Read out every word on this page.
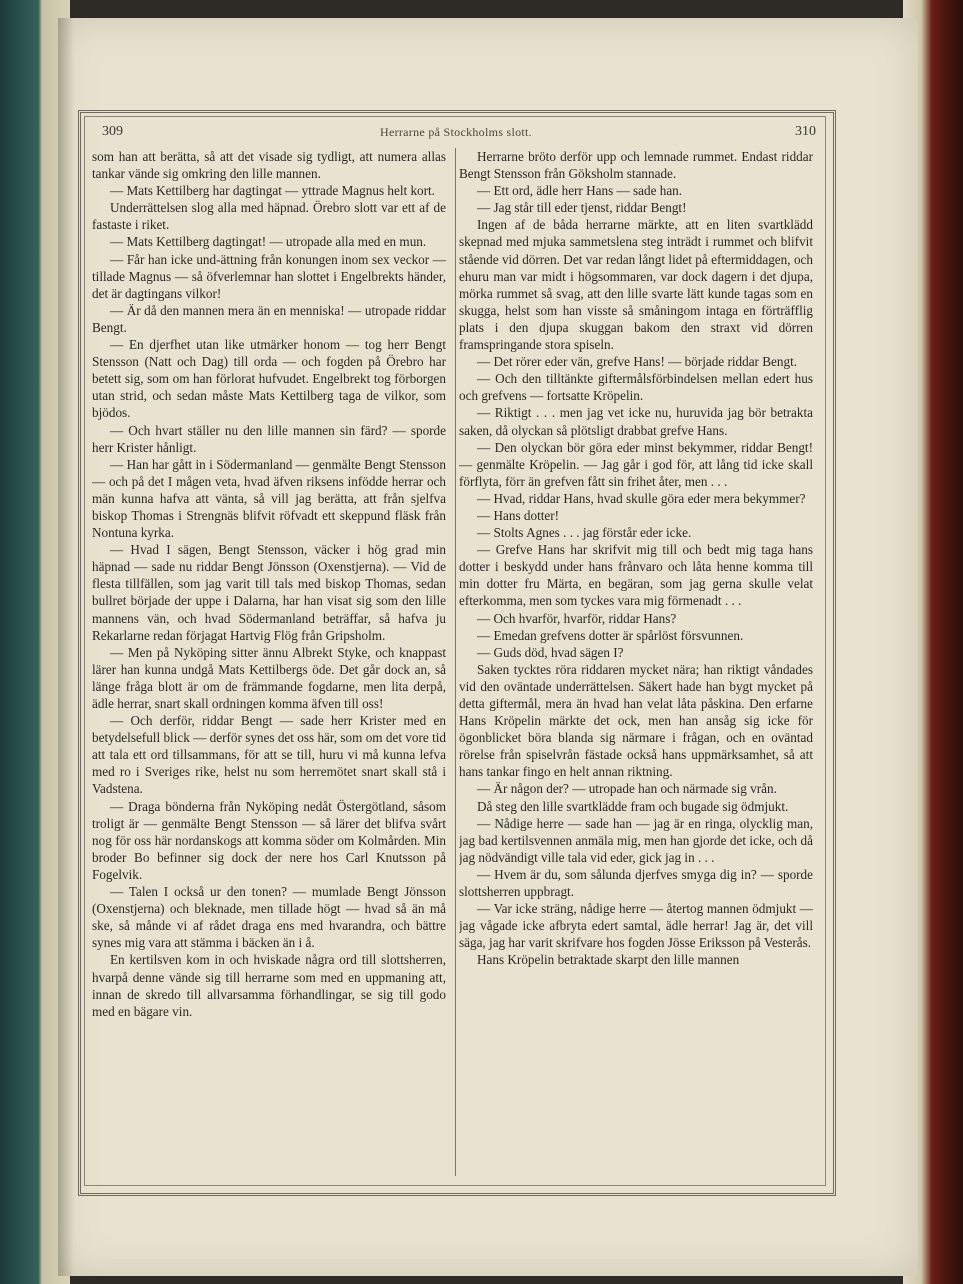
309	Herrarne på Stockholms slott.	310

som han att berätta, så att det visade sig tydligt, att numera allas tankar vände sig omkring den lille mannen.

— Mats Kettilberg har dagtingat — yttrade Magnus helt kort.

Underrättelsen slog alla med häpnad. Örebro slott var ett af de fastaste i riket.

— Mats Kettilberg dagtingat! — utropade alla med en mun.

— Får han icke und-ättning från konungen inom sex veckor — tillade Magnus — så öfverlemnar han slottet i Engelbrekts händer, det är dagtingans vilkor!

— Är då den mannen mera än en menniska! — utropade riddar Bengt.

— En djerfhet utan like utmärker honom — tog herr Bengt Stensson (Natt och Dag) till orda — och fogden på Örebro har betett sig, som om han förlorat hufvudet. Engelbrekt tog förborgen utan strid, och sedan måste Mats Kettilberg taga de vilkor, som bjödos.

— Och hvart ställer nu den lille mannen sin färd? — sporde herr Krister hånligt.

— Han har gått in i Södermanland — genmälte Bengt Stensson — och på det I mågen veta, hvad äfven riksens infödde herrar och män kunna hafva att vänta, så vill jag berätta, att från sjelfva biskop Thomas i Strengnäs blifvit röfvadt ett skeppund fläsk från Nontuna kyrka.

— Hvad I sägen, Bengt Stensson, väcker i hög grad min häpnad — sade nu riddar Bengt Jönsson (Oxenstjerna). — Vid de flesta tillfällen, som jag varit till tals med biskop Thomas, sedan bullret började der uppe i Dalarna, har han visat sig som den lille mannens vän, och hvad Södermanland beträffar, så hafva ju Rekarlarne redan förjagat Hartvig Flög från Gripsholm.

— Men på Nyköping sitter ännu Albrekt Styke, och knappast lärer han kunna undgå Mats Kettilbergs öde. Det går dock an, så länge fråga blott är om de främmande fogdarne, men lita derpå, ädle herrar, snart skall ordningen komma äfven till oss!

— Och derför, riddar Bengt — sade herr Krister med en betydelsefull blick — derför synes det oss här, som om det vore tid att tala ett ord tillsammans, för att se till, huru vi må kunna lefva med ro i Sveriges rike, helst nu som herremötet snart skall stå i Vadstena.

— Draga bönderna från Nyköping nedåt Östergötland, såsom troligt är — genmälte Bengt Stensson — så lärer det blifva svårt nog för oss här nordanskogs att komma söder om Kolmården. Min broder Bo befinner sig dock der nere hos Carl Knutsson på Fogelvik.

— Talen I också ur den tonen? — mumlade Bengt Jönsson (Oxenstjerna) och bleknade, men tillade högt — hvad så än må ske, så månde vi af rådet draga ens med hvarandra, och bättre synes mig vara att stämma i bäcken än i å.

En kertilsven kom in och hviskade några ord till slottsherren, hvarpå denne vände sig till herrarne som med en uppmaning att, innan de skredo till allvarsamma förhandlingar, se sig till godo med en bägare vin.

Herrarne bröto derför upp och lemnade rummet. Endast riddar Bengt Stensson från Göksholm stannade.

— Ett ord, ädle herr Hans — sade han.

— Jag står till eder tjenst, riddar Bengt!

Ingen af de båda herrarne märkte, att en liten svartklädd skepnad med mjuka sammetslena steg inträdt i rummet och blifvit stående vid dörren. Det var redan långt lidet på eftermiddagen, och ehuru man var midt i högsommaren, var dock dagern i det djupa, mörka rummet så svag, att den lille svarte lätt kunde tagas som en skugga, helst som han visste så småningom intaga en förträfflig plats i den djupa skuggan bakom den straxt vid dörren framspringande stora spiseln.

— Det rörer eder vän, grefve Hans! — började riddar Bengt.

— Och den tilltänkte giftermålsförbindelsen mellan edert hus och grefvens — fortsatte Kröpelin.

— Riktigt . . . men jag vet icke nu, huruvida jag bör betrakta saken, då olyckan så plötsligt drabbat grefve Hans.

— Den olyckan bör göra eder minst bekymmer, riddar Bengt! — genmälte Kröpelin. — Jag går i god för, att lång tid icke skall förflyta, förr än grefven fått sin frihet åter, men . . .

— Hvad, riddar Hans, hvad skulle göra eder mera bekymmer?

— Hans dotter!

— Stolts Agnes . . . jag förstår eder icke.

— Grefve Hans har skrifvit mig till och bedt mig taga hans dotter i beskydd under hans frånvaro och låta henne komma till min dotter fru Märta, en begäran, som jag gerna skulle velat efterkomma, men som tyckes vara mig förmenadt . . .

— Och hvarför, hvarför, riddar Hans?

— Emedan grefvens dotter är spårlöst försvunnen.

— Guds död, hvad sägen I?

Saken tycktes röra riddaren mycket nära; han riktigt våndades vid den oväntade underrättelsen. Säkert hade han bygt mycket på detta giftermål, mera än hvad han velat låta påskina. Den erfarne Hans Kröpelin märkte det ock, men han ansåg sig icke för ögonblicket böra blanda sig närmare i frågan, och en oväntad rörelse från spiselvrån fästade också hans uppmärksamhet, så att hans tankar fingo en helt annan riktning.

— Är någon der? — utropade han och närmade sig vrån.

Då steg den lille svartklädde fram och bugade sig ödmjukt.

— Nådige herre — sade han — jag är en ringa, olycklig man, jag bad kertilsvennen anmäla mig, men han gjorde det icke, och då jag nödvändigt ville tala vid eder, gick jag in . . .

— Hvem är du, som sålunda djerfves smyga dig in? — sporde slottsherren uppbragt.

— Var icke sträng, nådige herre — återtog mannen ödmjukt — jag vågade icke afbryta edert samtal, ädle herrar! Jag är, det vill säga, jag har varit skrifvare hos fogden Jösse Eriksson på Vesterås.

Hans Kröpelin betraktade skarpt den lille mannen
